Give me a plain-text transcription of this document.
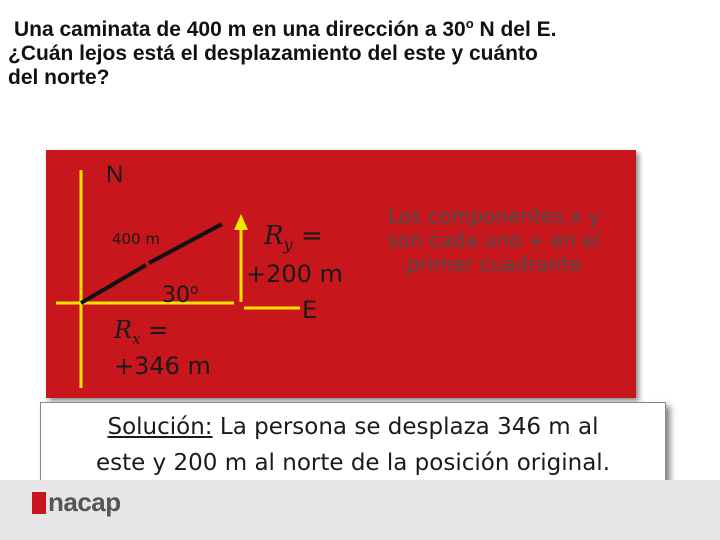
Una caminata de 400 m en una dirección a 30$^o$ N del E.
¿Cuán lejos está el desplazamiento del este y cuánto
del norte?

N
400 m
30$^o$
$R_x$ =
+346 m
$R_y$ =
+200 m
E
Los componentes x y son cada uno + en el primer cuadrante
Solución: La persona se desplaza 346 m al
este y 200 m al norte de la posición original.
nacap
